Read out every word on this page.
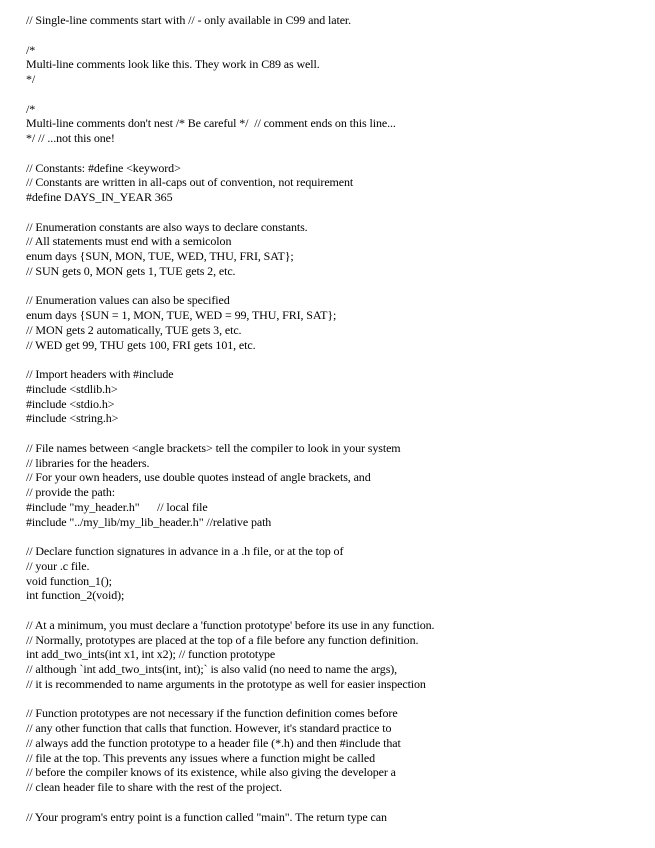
// Single-line comments start with // - only available in C99 and later.
/*
Multi-line comments look like this. They work in C89 as well.
*/
/*
Multi-line comments don't nest /* Be careful */  // comment ends on this line...
*/ // ...not this one!
// Constants: #define <keyword>
// Constants are written in all-caps out of convention, not requirement
#define DAYS_IN_YEAR 365
// Enumeration constants are also ways to declare constants.
// All statements must end with a semicolon
enum days {SUN, MON, TUE, WED, THU, FRI, SAT};
// SUN gets 0, MON gets 1, TUE gets 2, etc.
// Enumeration values can also be specified
enum days {SUN = 1, MON, TUE, WED = 99, THU, FRI, SAT};
// MON gets 2 automatically, TUE gets 3, etc.
// WED get 99, THU gets 100, FRI gets 101, etc.
// Import headers with #include
#include <stdlib.h>
#include <stdio.h>
#include <string.h>
// File names between <angle brackets> tell the compiler to look in your system
// libraries for the headers.
// For your own headers, use double quotes instead of angle brackets, and
// provide the path:
#include "my_header.h"      // local file
#include "../my_lib/my_lib_header.h" //relative path
// Declare function signatures in advance in a .h file, or at the top of
// your .c file.
void function_1();
int function_2(void);
// At a minimum, you must declare a 'function prototype' before its use in any function.
// Normally, prototypes are placed at the top of a file before any function definition.
int add_two_ints(int x1, int x2); // function prototype
// although `int add_two_ints(int, int);` is also valid (no need to name the args),
// it is recommended to name arguments in the prototype as well for easier inspection
// Function prototypes are not necessary if the function definition comes before
// any other function that calls that function. However, it's standard practice to
// always add the function prototype to a header file (*.h) and then #include that
// file at the top. This prevents any issues where a function might be called
// before the compiler knows of its existence, while also giving the developer a
// clean header file to share with the rest of the project.
// Your program's entry point is a function called "main". The return type can
